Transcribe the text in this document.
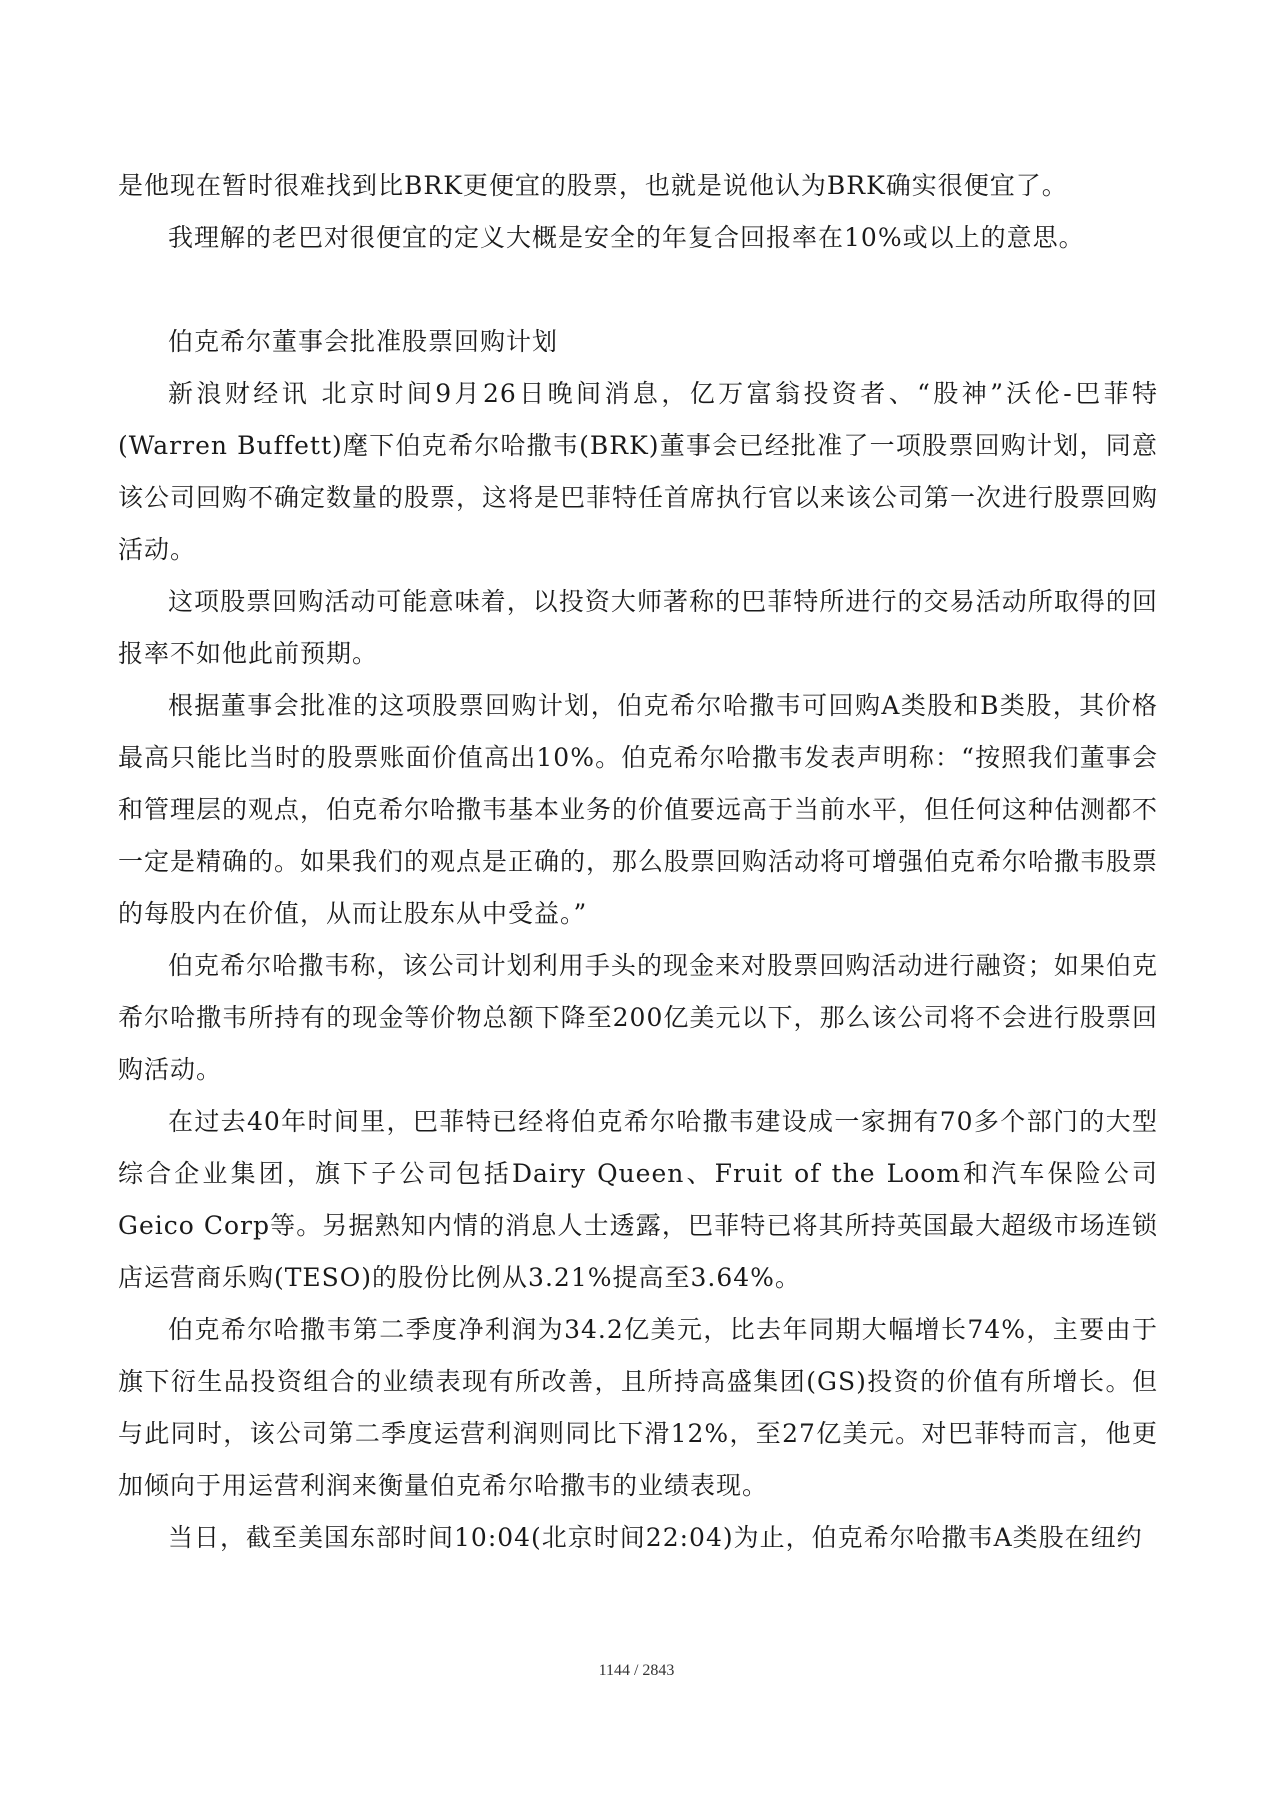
是他现在暂时很难找到比BRK更便宜的股票，也就是说他认为BRK确实很便宜了。

我理解的老巴对很便宜的定义大概是安全的年复合回报率在10%或以上的意思。

伯克希尔董事会批准股票回购计划

新浪财经讯 北京时间9月26日晚间消息，亿万富翁投资者、“股神”沃伦-巴菲特(Warren Buffett)麾下伯克希尔哈撒韦(BRK)董事会已经批准了一项股票回购计划，同意该公司回购不确定数量的股票，这将是巴菲特任首席执行官以来该公司第一次进行股票回购活动。

这项股票回购活动可能意味着，以投资大师著称的巴菲特所进行的交易活动所取得的回报率不如他此前预期。

根据董事会批准的这项股票回购计划，伯克希尔哈撒韦可回购A类股和B类股，其价格最高只能比当时的股票账面价值高出10%。伯克希尔哈撒韦发表声明称：“按照我们董事会和管理层的观点，伯克希尔哈撒韦基本业务的价值要远高于当前水平，但任何这种估测都不一定是精确的。如果我们的观点是正确的，那么股票回购活动将可增强伯克希尔哈撒韦股票的每股内在价值，从而让股东从中受益。”

伯克希尔哈撒韦称，该公司计划利用手头的现金来对股票回购活动进行融资；如果伯克希尔哈撒韦所持有的现金等价物总额下降至200亿美元以下，那么该公司将不会进行股票回购活动。

在过去40年时间里，巴菲特已经将伯克希尔哈撒韦建设成一家拥有70多个部门的大型综合企业集团，旗下子公司包括Dairy Queen、Fruit of the Loom和汽车保险公司Geico Corp等。另据熟知内情的消息人士透露，巴菲特已将其所持英国最大超级市场连锁店运营商乐购(TESO)的股份比例从3.21%提高至3.64%。

伯克希尔哈撒韦第二季度净利润为34.2亿美元，比去年同期大幅增长74%，主要由于旗下衍生品投资组合的业绩表现有所改善，且所持高盛集团(GS)投资的价值有所增长。但与此同时，该公司第二季度运营利润则同比下滑12%，至27亿美元。对巴菲特而言，他更加倾向于用运营利润来衡量伯克希尔哈撒韦的业绩表现。

当日，截至美国东部时间10:04(北京时间22:04)为止，伯克希尔哈撒韦A类股在纽约

1144 / 2843
